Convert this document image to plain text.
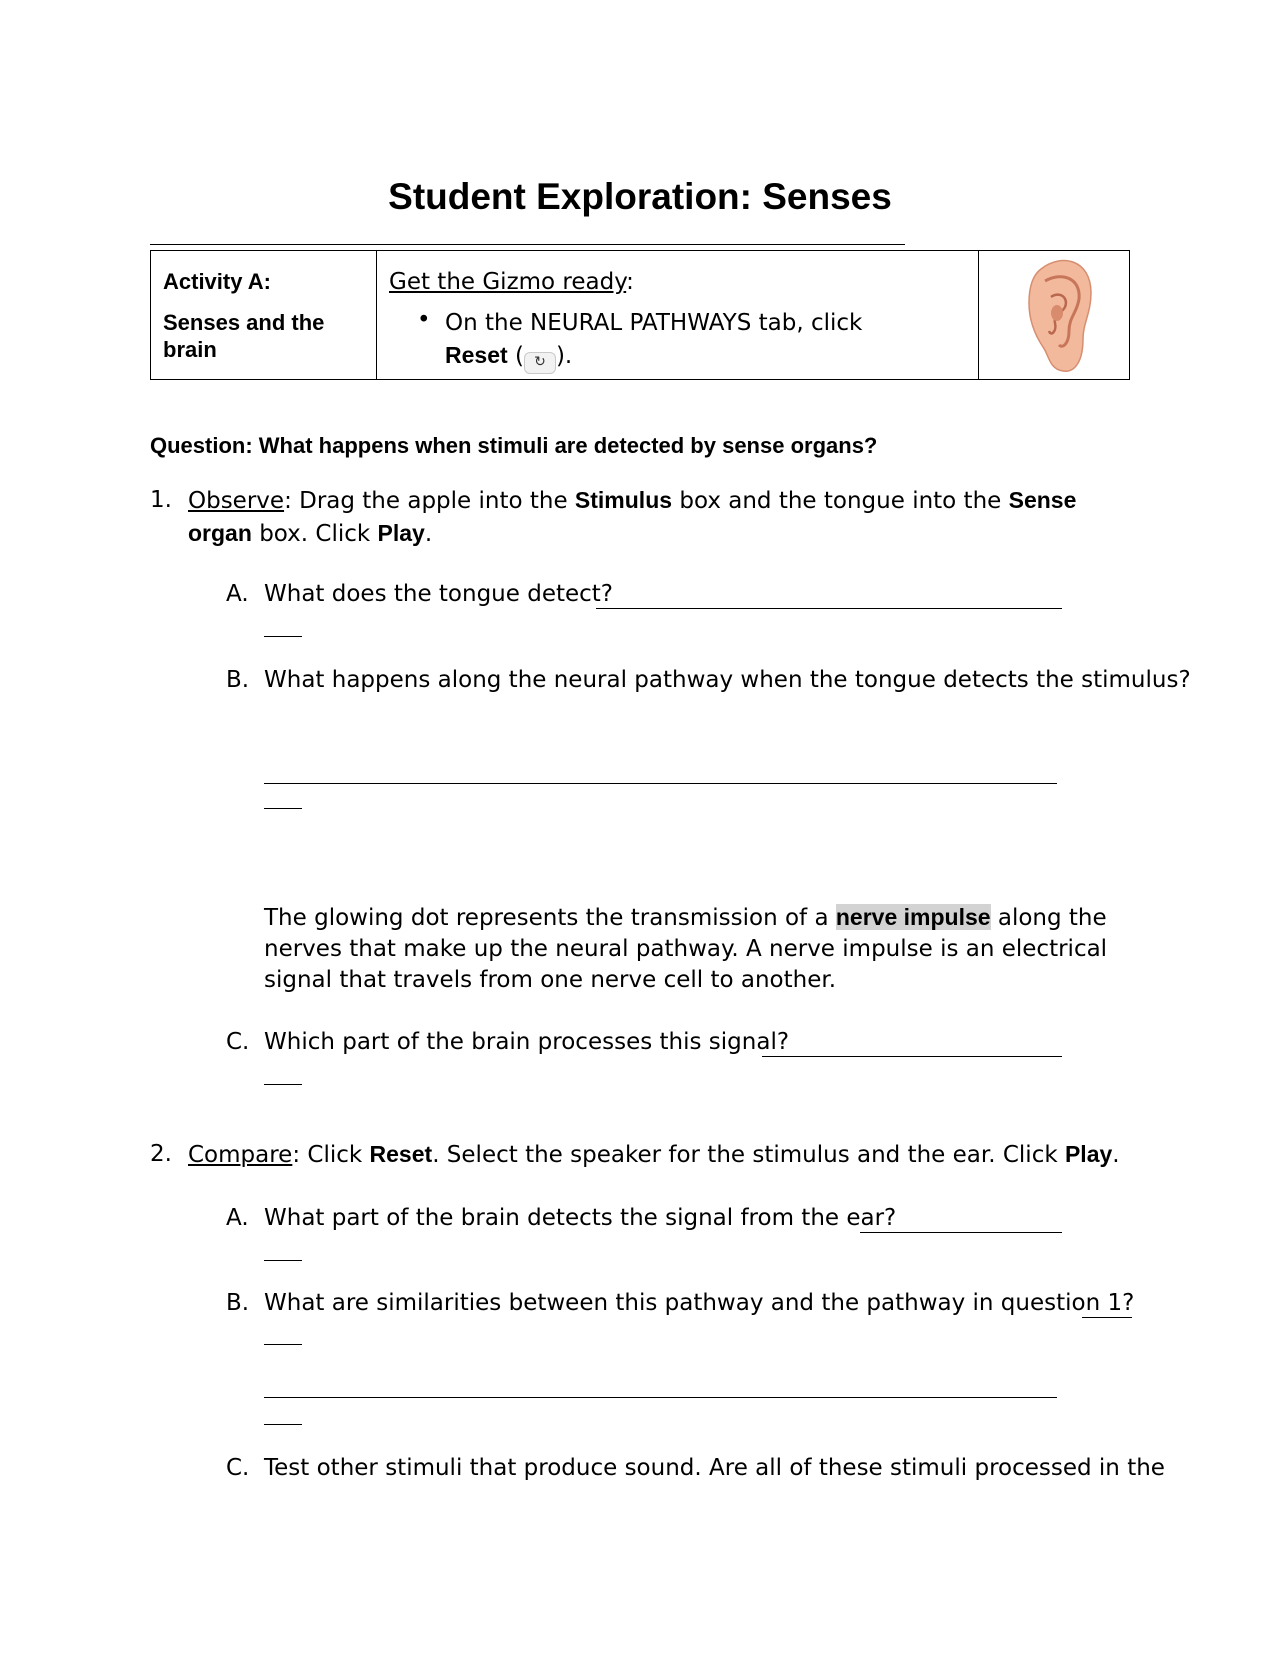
Student Exploration: Senses
Activity A:
Senses and the brain

Get the Gizmo ready:
• On the NEURAL PATHWAYS tab, click
Reset ( ↻ ).

Question: What happens when stimuli are detected by sense organs?
1. Observe: Drag the apple into the Stimulus box and the tongue into the Sense organ box. Click Play.
A. What does the tongue detect?
B. What happens along the neural pathway when the tongue detects the stimulus?
The glowing dot represents the transmission of a nerve impulse along the nerves that make up the neural pathway. A nerve impulse is an electrical signal that travels from one nerve cell to another.
C. Which part of the brain processes this signal?
2. Compare: Click Reset. Select the speaker for the stimulus and the ear. Click Play.
A. What part of the brain detects the signal from the ear?
B. What are similarities between this pathway and the pathway in question 1?
C. Test other stimuli that produce sound. Are all of these stimuli processed in the
